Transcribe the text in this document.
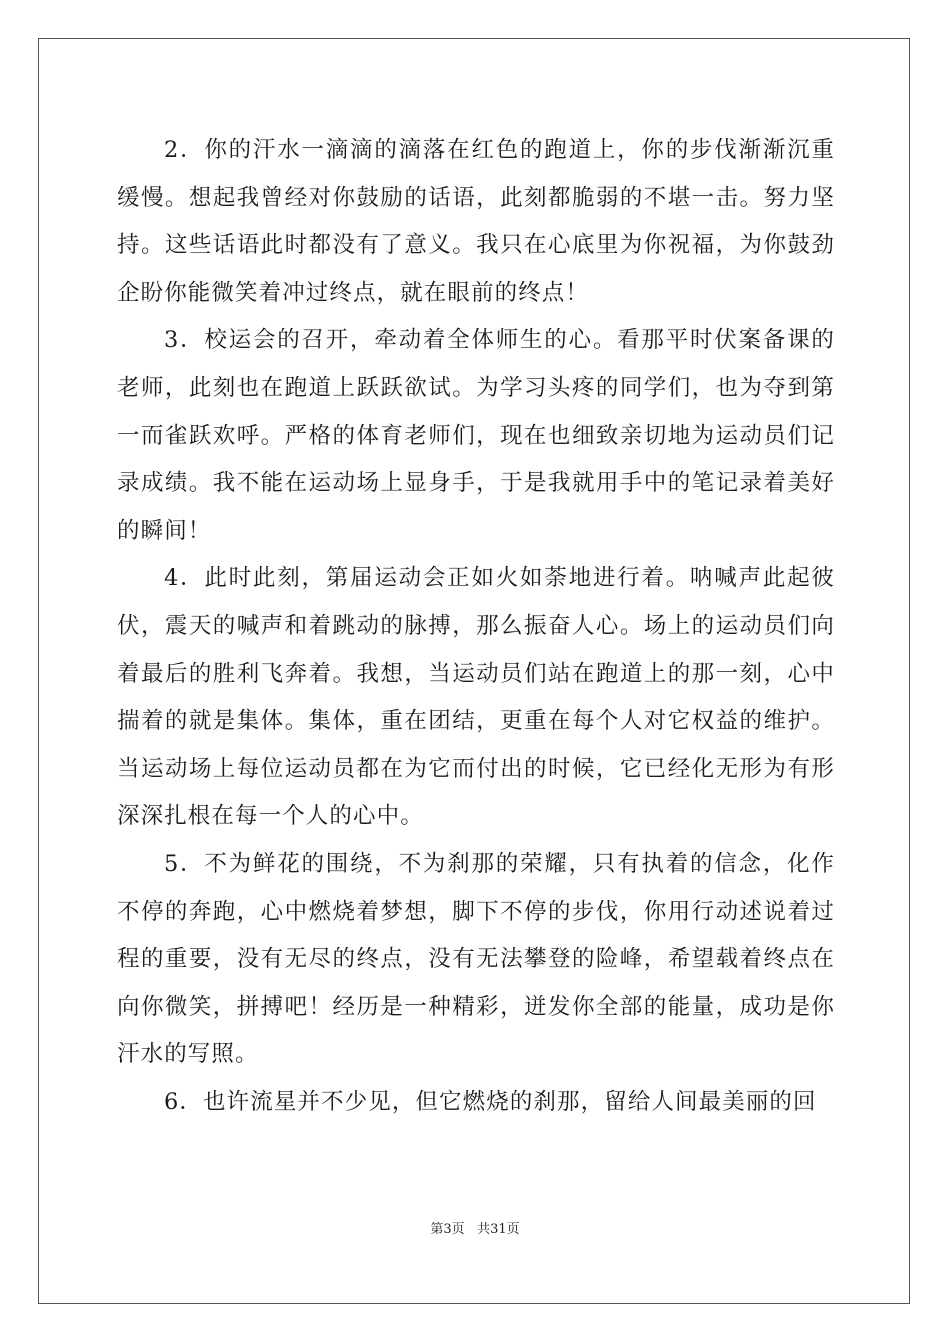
2．你的汗水一滴滴的滴落在红色的跑道上，你的步伐渐渐沉重缓慢。想起我曾经对你鼓励的话语，此刻都脆弱的不堪一击。努力坚持。这些话语此时都没有了意义。我只在心底里为你祝福，为你鼓劲企盼你能微笑着冲过终点，就在眼前的终点！

3．校运会的召开，牵动着全体师生的心。看那平时伏案备课的老师，此刻也在跑道上跃跃欲试。为学习头疼的同学们，也为夺到第一而雀跃欢呼。严格的体育老师们，现在也细致亲切地为运动员们记录成绩。我不能在运动场上显身手，于是我就用手中的笔记录着美好的瞬间！

4．此时此刻，第届运动会正如火如荼地进行着。呐喊声此起彼伏，震天的喊声和着跳动的脉搏，那么振奋人心。场上的运动员们向着最后的胜利飞奔着。我想，当运动员们站在跑道上的那一刻，心中揣着的就是集体。集体，重在团结，更重在每个人对它权益的维护。当运动场上每位运动员都在为它而付出的时候，它已经化无形为有形深深扎根在每一个人的心中。

5．不为鲜花的围绕，不为刹那的荣耀，只有执着的信念，化作不停的奔跑，心中燃烧着梦想，脚下不停的步伐，你用行动述说着过程的重要，没有无尽的终点，没有无法攀登的险峰，希望载着终点在向你微笑，拼搏吧！经历是一种精彩，迸发你全部的能量，成功是你汗水的写照。

6．也许流星并不少见，但它燃烧的刹那，留给人间最美丽的回

第3页 共31页
